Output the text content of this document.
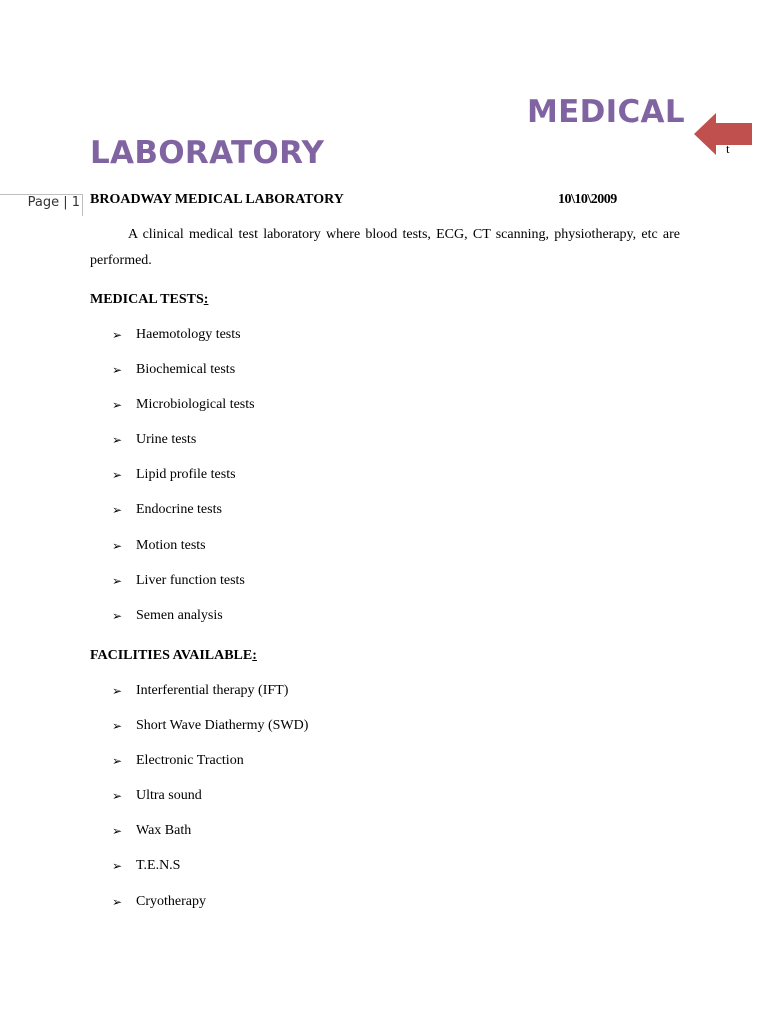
MEDICAL
LABORATORY	t
Page | 1 BROADWAY MEDICAL LABORATORY	10\10\2009

A clinical medical test laboratory where blood tests, ECG, CT scanning, physiotherapy, etc are performed.

MEDICAL TESTS:
➢ Haemotology tests
➢ Biochemical tests
➢ Microbiological tests
➢ Urine tests
➢ Lipid profile tests
➢ Endocrine tests
➢ Motion tests
➢ Liver function tests
➢ Semen analysis
FACILITIES AVAILABLE:
➢ Interferential therapy (IFT)
➢ Short Wave Diathermy (SWD)
➢ Electronic Traction
➢ Ultra sound
➢ Wax Bath
➢ T.E.N.S
➢ Cryotherapy
